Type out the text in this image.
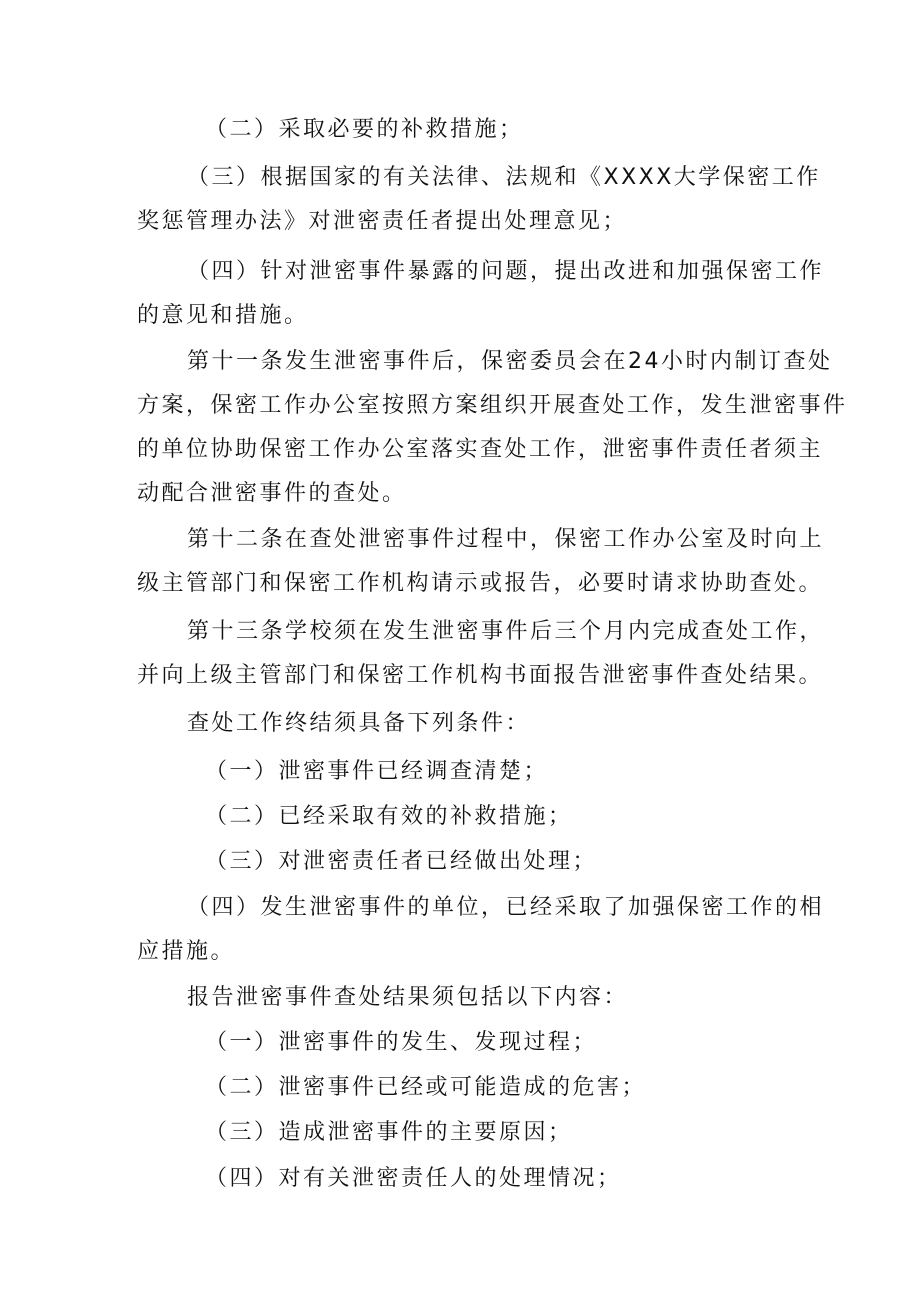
（二）采取必要的补救措施；

（三）根据国家的有关法律、法规和《XXXX大学保密工作
奖惩管理办法》对泄密责任者提出处理意见；

（四）针对泄密事件暴露的问题，提出改进和加强保密工作
的意见和措施。

第十一条发生泄密事件后，保密委员会在24小时内制订查处
方案，保密工作办公室按照方案组织开展查处工作，发生泄密事件
的单位协助保密工作办公室落实查处工作，泄密事件责任者须主
动配合泄密事件的查处。

第十二条在查处泄密事件过程中，保密工作办公室及时向上
级主管部门和保密工作机构请示或报告，必要时请求协助查处。

第十三条学校须在发生泄密事件后三个月内完成查处工作，
并向上级主管部门和保密工作机构书面报告泄密事件查处结果。

查处工作终结须具备下列条件：

（一）泄密事件已经调查清楚；

（二）已经采取有效的补救措施；

（三）对泄密责任者已经做出处理；

（四）发生泄密事件的单位，已经采取了加强保密工作的相
应措施。

报告泄密事件查处结果须包括以下内容：

（一）泄密事件的发生、发现过程；

（二）泄密事件已经或可能造成的危害；

（三）造成泄密事件的主要原因；

（四）对有关泄密责任人的处理情况；
